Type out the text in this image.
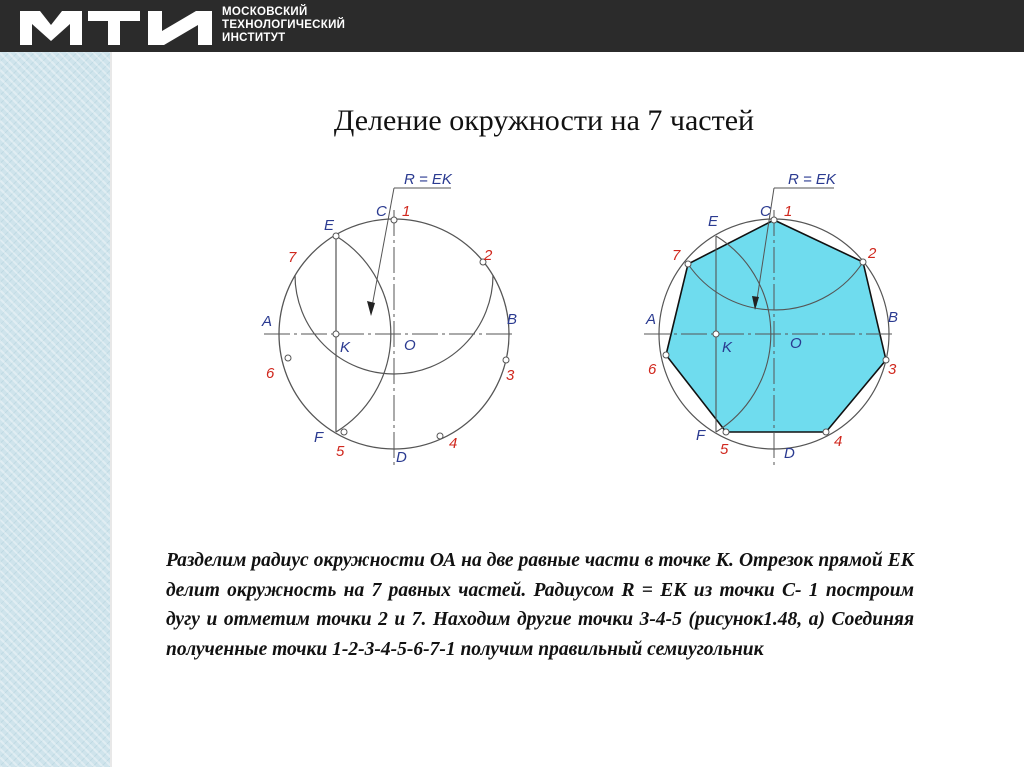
МОСКОВСКИЙ
ТЕХНОЛОГИЧЕСКИЙ
ИНСТИТУТ
Деление окружности на 7 частей
R = EK
E
C 1
7	2
A	B
K	O
6	3
F
5	4
D
R = EK
E
C 1
7	2
A	B
K	O
6	3
F
5	4
D
Разделим радиус окружности ОА на две равные части в точке К. Отрезок прямой ЕК делит окружность на 7 равных частей. Радиусом R = ЕК из точки С- 1 построим дугу и отметим точки 2 и 7. Находим другие точки 3-4-5 (рисунок1.48, а) Соединяя полученные точки 1-2-3-4-5-6-7-1 получим правильный семиугольник
